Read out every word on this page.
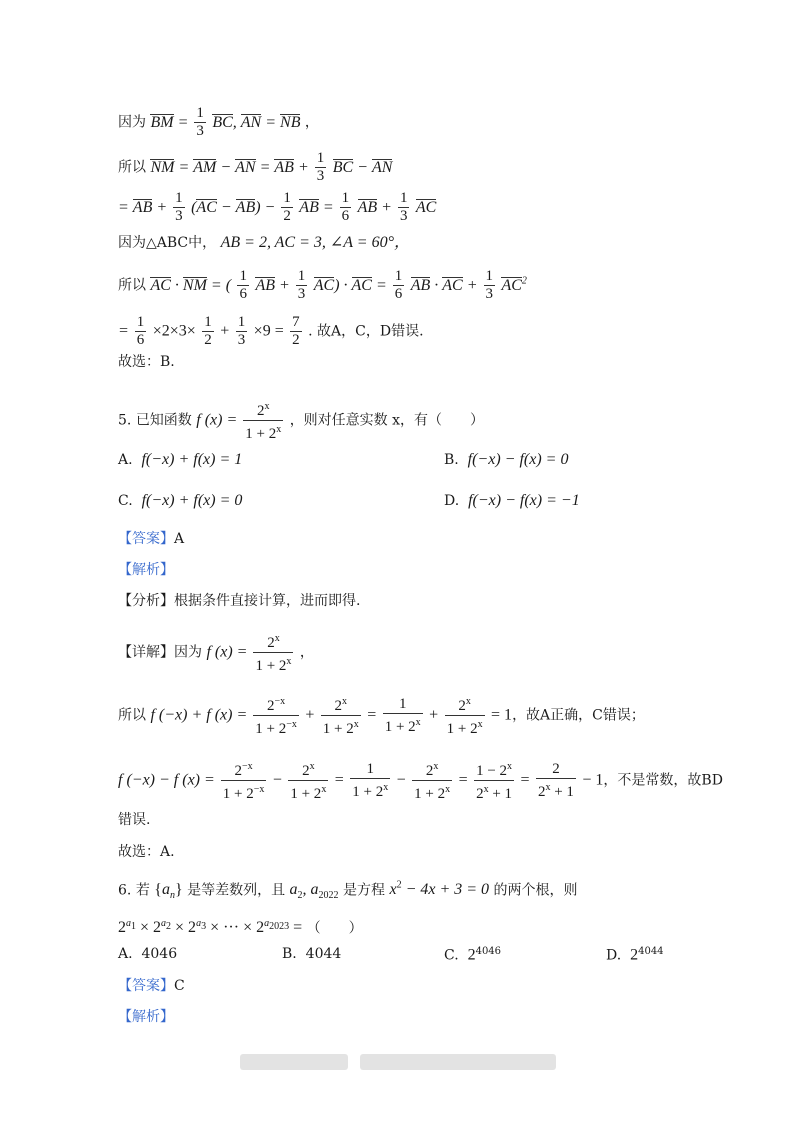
因为 BM = $\frac{1}{3}$ BC, AN = NB ，
所以 NM = AM − AN = AB + $\frac{1}{3}$ BC − AN
= AB + $\frac{1}{3} (AC - AB) - \frac{1}{2}$ AB = $\frac{1}{6}$ AB + $\frac{1}{3}$ AC
因为△ABC中， AB = 2, AC = 3, ∠A = 60°，
所以 AC · NM = ( $\frac{1}{6}$ AB + $\frac{1}{3} AC$) · AC = $\frac{1}{6}$ AB · AC + $\frac{1}{3} AC^2$
= $\frac{1}{6} \times 2\times 3\times \frac{1}{2} + \frac{1}{3} \times 9 = \frac{7}{2}$ . 故A，C，D错误.
故选：B.
5. 已知函数 f $(x) = \frac{2^x}{1 + 2^x}$ ，则对任意实数 x，有（　　）
A. f(−x) + f(x) = 1	B. f(−x) − f(x) = 0
C. f(−x) + f(x) = 0	D. f(−x) − f(x) = −1
【答案】A
【解析】
【分析】根据条件直接计算，进而即得.
【详解】因为 f $(x) = \frac{2^x}{1 + 2^x}$ ，
所以 f (−x) + f $(x) = \frac{2^{-x}}{1 + 2^{-x}} + \frac{2^x}{1 + 2^x} = \frac{1}{1 + 2^x} + \frac{2^x}{1 + 2^x} = 1$，故A正确，C错误；
f (−x) − f $(x) = \frac{2^{-x}}{1 + 2^{-x}} - \frac{2^x}{1 + 2^x} = \frac{1}{1 + 2^x} - \frac{2^x}{1 + 2^x} = \frac{1 - 2^x}{2^x + 1} = \frac{2}{2^x + 1} - 1$，不是常数，故BD
错误.
故选：A.
6. 若 $\{a_n\}$ 是等差数列，且 $a_2$, $a_{2022}$ 是方程 $x^2 - 4x + 3 = 0$ 的两个根，则
$2^{a_1} \times 2^{a_2} \times 2^{a_3}$ × ··· × $2^{a_{2023}}$ = （　　）
A. 4046	B. 4044	C. $2^{4046}$	D. $2^{4044}$
【答案】C
【解析】
